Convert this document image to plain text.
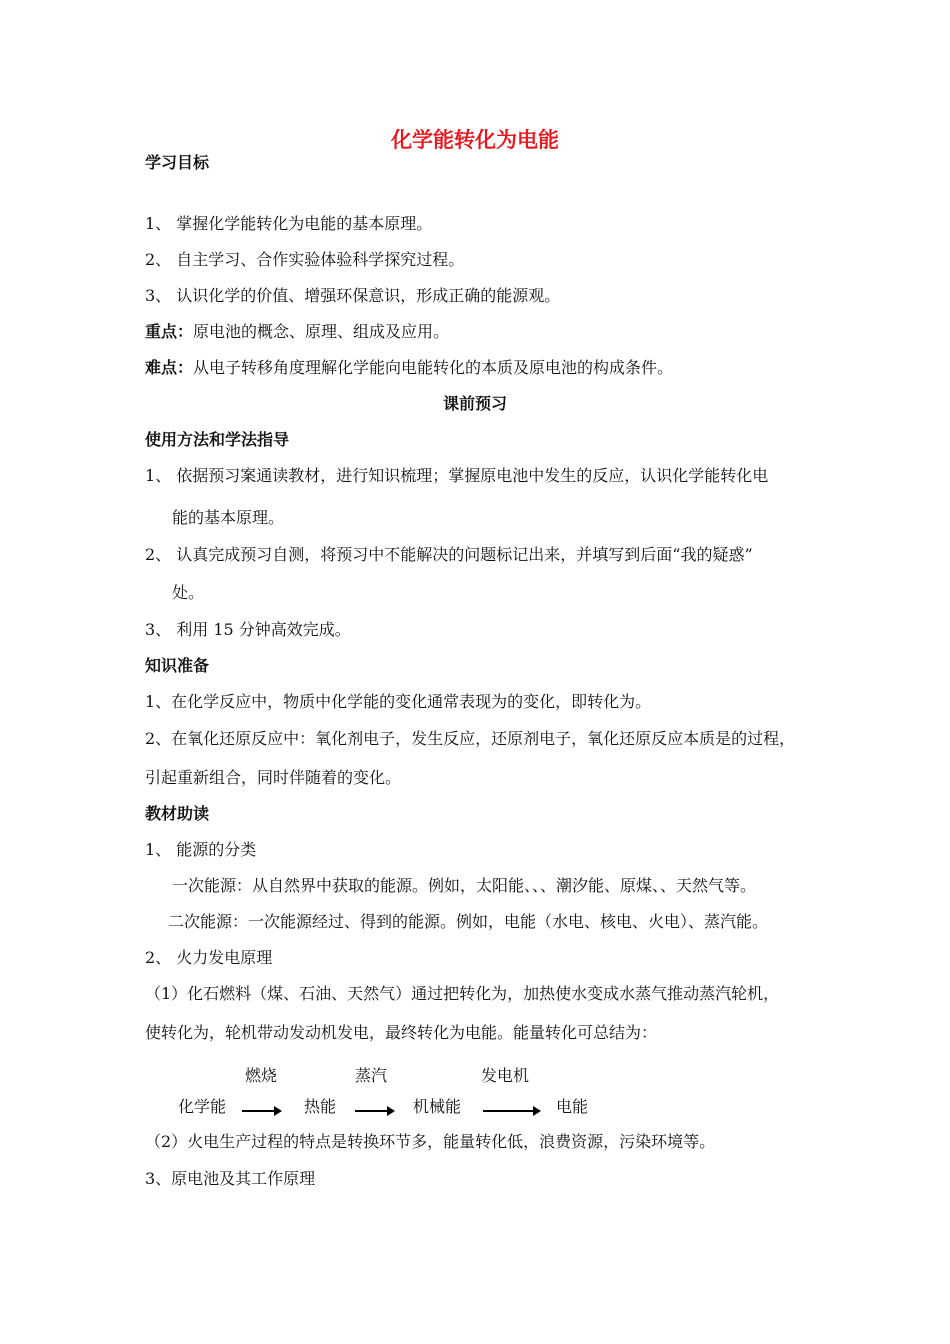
化学能转化为电能
学习目标
1、 掌握化学能转化为电能的基本原理。
2、 自主学习、合作实验体验科学探究过程。
3、 认识化学的价值、增强环保意识，形成正确的能源观。
重点：原电池的概念、原理、组成及应用。
难点：从电子转移角度理解化学能向电能转化的本质及原电池的构成条件。
课前预习
使用方法和学法指导
1、 依据预习案通读教材，进行知识梳理；掌握原电池中发生的反应，认识化学能转化电
能的基本原理。
2、 认真完成预习自测，将预习中不能解决的问题标记出来，并填写到后面“我的疑惑”
处。
3、 利用 15 分钟高效完成。
知识准备
1、在化学反应中，物质中化学能的变化通常表现为的变化，即转化为。
2、在氧化还原反应中：氧化剂电子，发生反应，还原剂电子，氧化还原反应本质是的过程，
引起重新组合，同时伴随着的变化。
教材助读
1、 能源的分类
一次能源：从自然界中获取的能源。例如，太阳能、、、潮汐能、原煤、、天然气等。
二次能源：一次能源经过、得到的能源。例如，电能（水电、核电、火电）、蒸汽能。
2、 火力发电原理
（1）化石燃料（煤、石油、天然气）通过把转化为，加热使水变成水蒸气推动蒸汽轮机，
使转化为，轮机带动发动机发电，最终转化为电能。能量转化可总结为：
燃烧	蒸汽	发电机
化学能	热能	机械能	电能
（2）火电生产过程的特点是转换环节多，能量转化低，浪费资源，污染环境等。
3、原电池及其工作原理
